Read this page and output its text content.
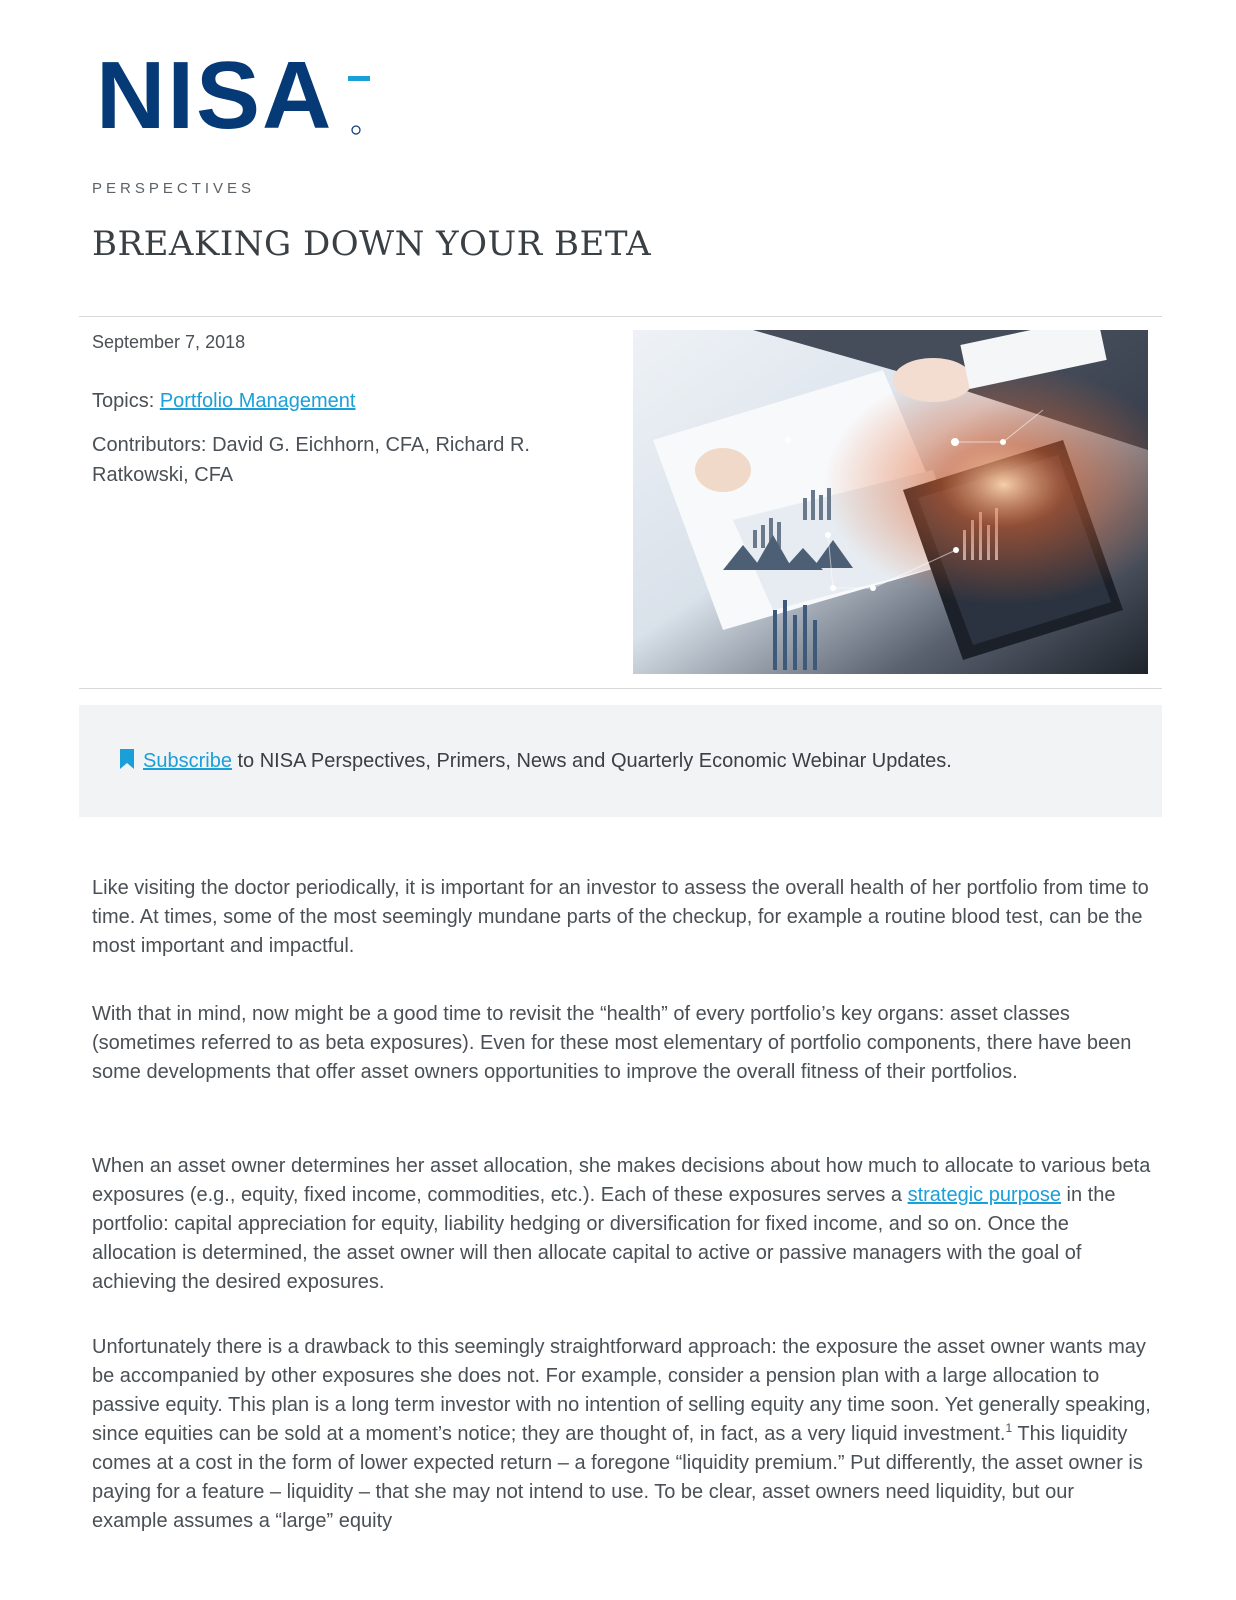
NISA
PERSPECTIVES
BREAKING DOWN YOUR BETA
September 7, 2018
Topics: Portfolio Management
Contributors: David G. Eichhorn, CFA, Richard R. Ratkowski, CFA
Subscribe to NISA Perspectives, Primers, News and Quarterly Economic Webinar Updates.

Like visiting the doctor periodically, it is important for an investor to assess the overall health of her portfolio from time to time. At times, some of the most seemingly mundane parts of the checkup, for example a routine blood test, can be the most important and impactful.

With that in mind, now might be a good time to revisit the “health” of every portfolio’s key organs: asset classes (sometimes referred to as beta exposures). Even for these most elementary of portfolio components, there have been some developments that offer asset owners opportunities to improve the overall fitness of their portfolios.

When an asset owner determines her asset allocation, she makes decisions about how much to allocate to various beta exposures (e.g., equity, fixed income, commodities, etc.). Each of these exposures serves a strategic purpose in the portfolio: capital appreciation for equity, liability hedging or diversification for fixed income, and so on. Once the allocation is determined, the asset owner will then allocate capital to active or passive managers with the goal of achieving the desired exposures.

Unfortunately there is a drawback to this seemingly straightforward approach: the exposure the asset owner wants may be accompanied by other exposures she does not. For example, consider a pension plan with a large allocation to passive equity. This plan is a long term investor with no intention of selling equity any time soon. Yet generally speaking, since equities can be sold at a moment’s notice; they are thought of, in fact, as a very liquid investment.$^1$ This liquidity comes at a cost in the form of lower expected return – a foregone “liquidity premium.” Put differently, the asset owner is paying for a feature – liquidity – that she may not intend to use. To be clear, asset owners need liquidity, but our example assumes a “large” equity
